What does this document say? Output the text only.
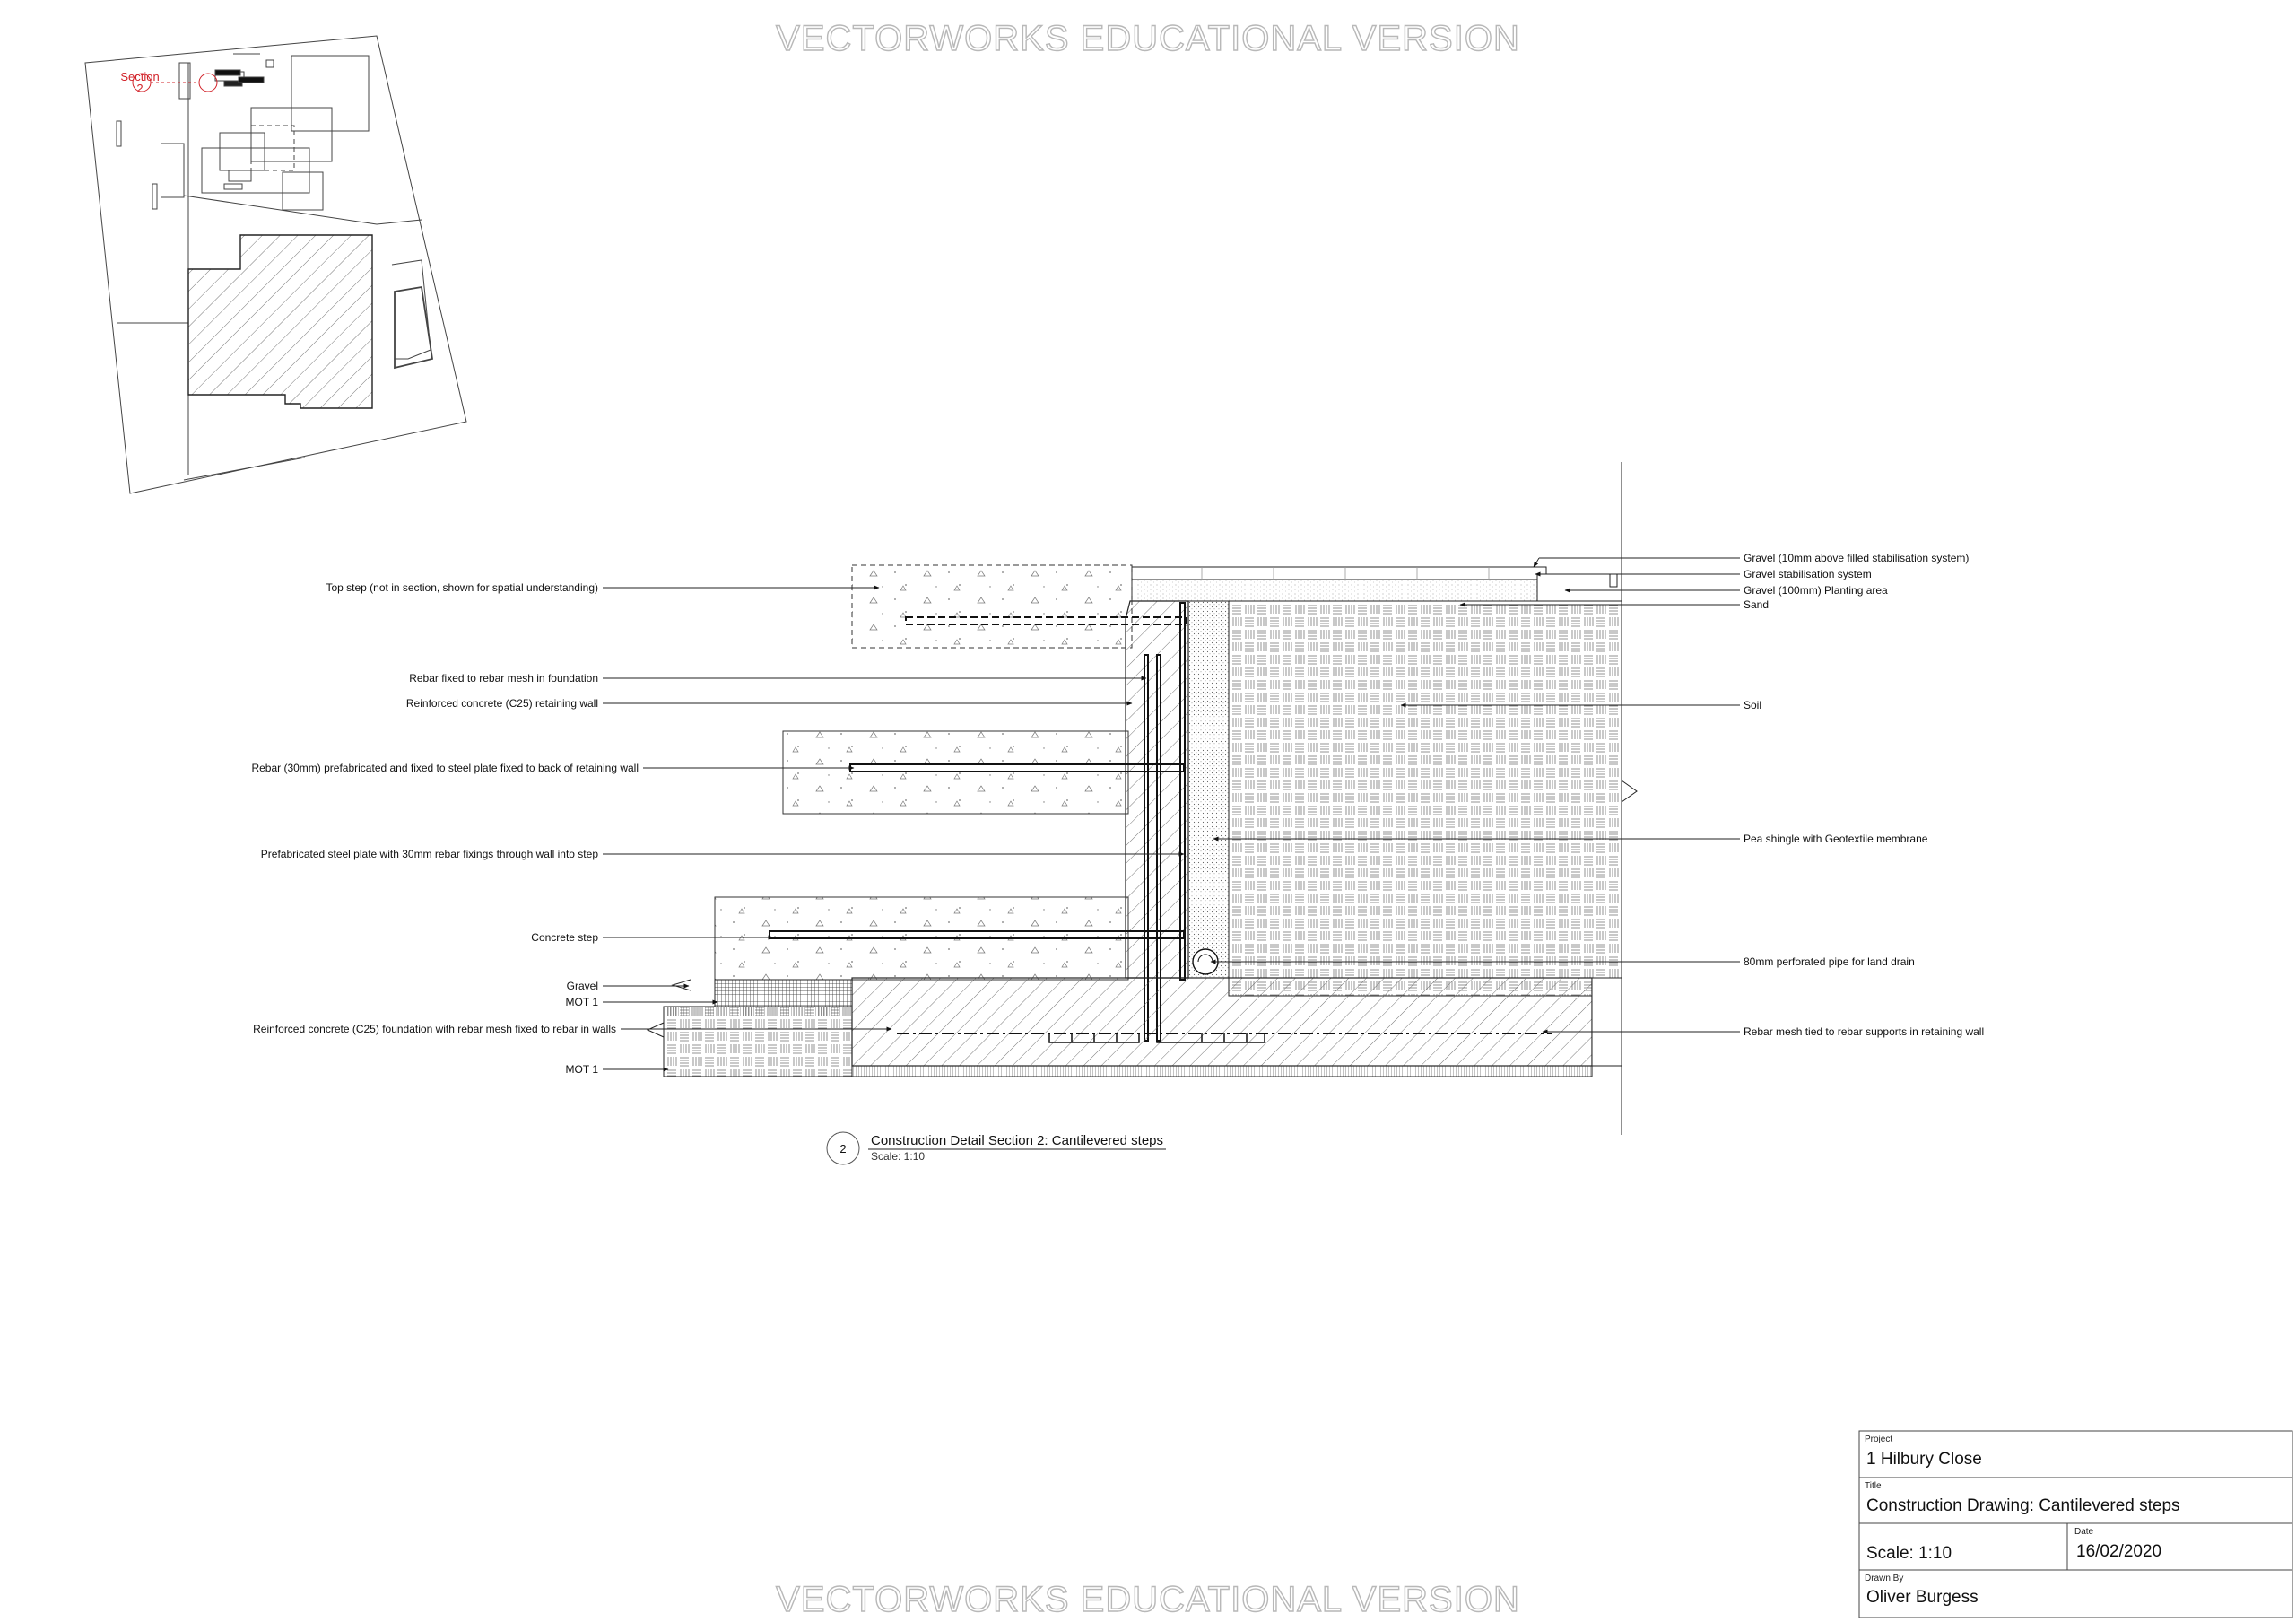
VECTORWORKS EDUCATIONAL VERSION
VECTORWORKS EDUCATIONAL VERSION
Section
2
Top step (not in section, shown for spatial understanding)
Rebar fixed to rebar mesh in foundation
Reinforced concrete (C25) retaining wall
Rebar (30mm) prefabricated and fixed to steel plate fixed to back of retaining wall
Prefabricated steel plate with 30mm rebar fixings through wall into step
Concrete step
Gravel
MOT 1
Reinforced concrete (C25) foundation with rebar mesh fixed to rebar in walls
MOT 1
Gravel (10mm above filled stabilisation system)
Gravel stabilisation system
Gravel (100mm) Planting area
Sand
Soil
Pea shingle with Geotextile membrane
80mm perforated pipe for land drain
Rebar mesh tied to rebar supports in retaining wall
2
Construction Detail Section 2: Cantilevered steps
Scale: 1:10
Project
1 Hilbury Close
Title
Construction Drawing: Cantilevered steps
Scale: 1:10
Date
16/02/2020
Drawn By
Oliver Burgess
